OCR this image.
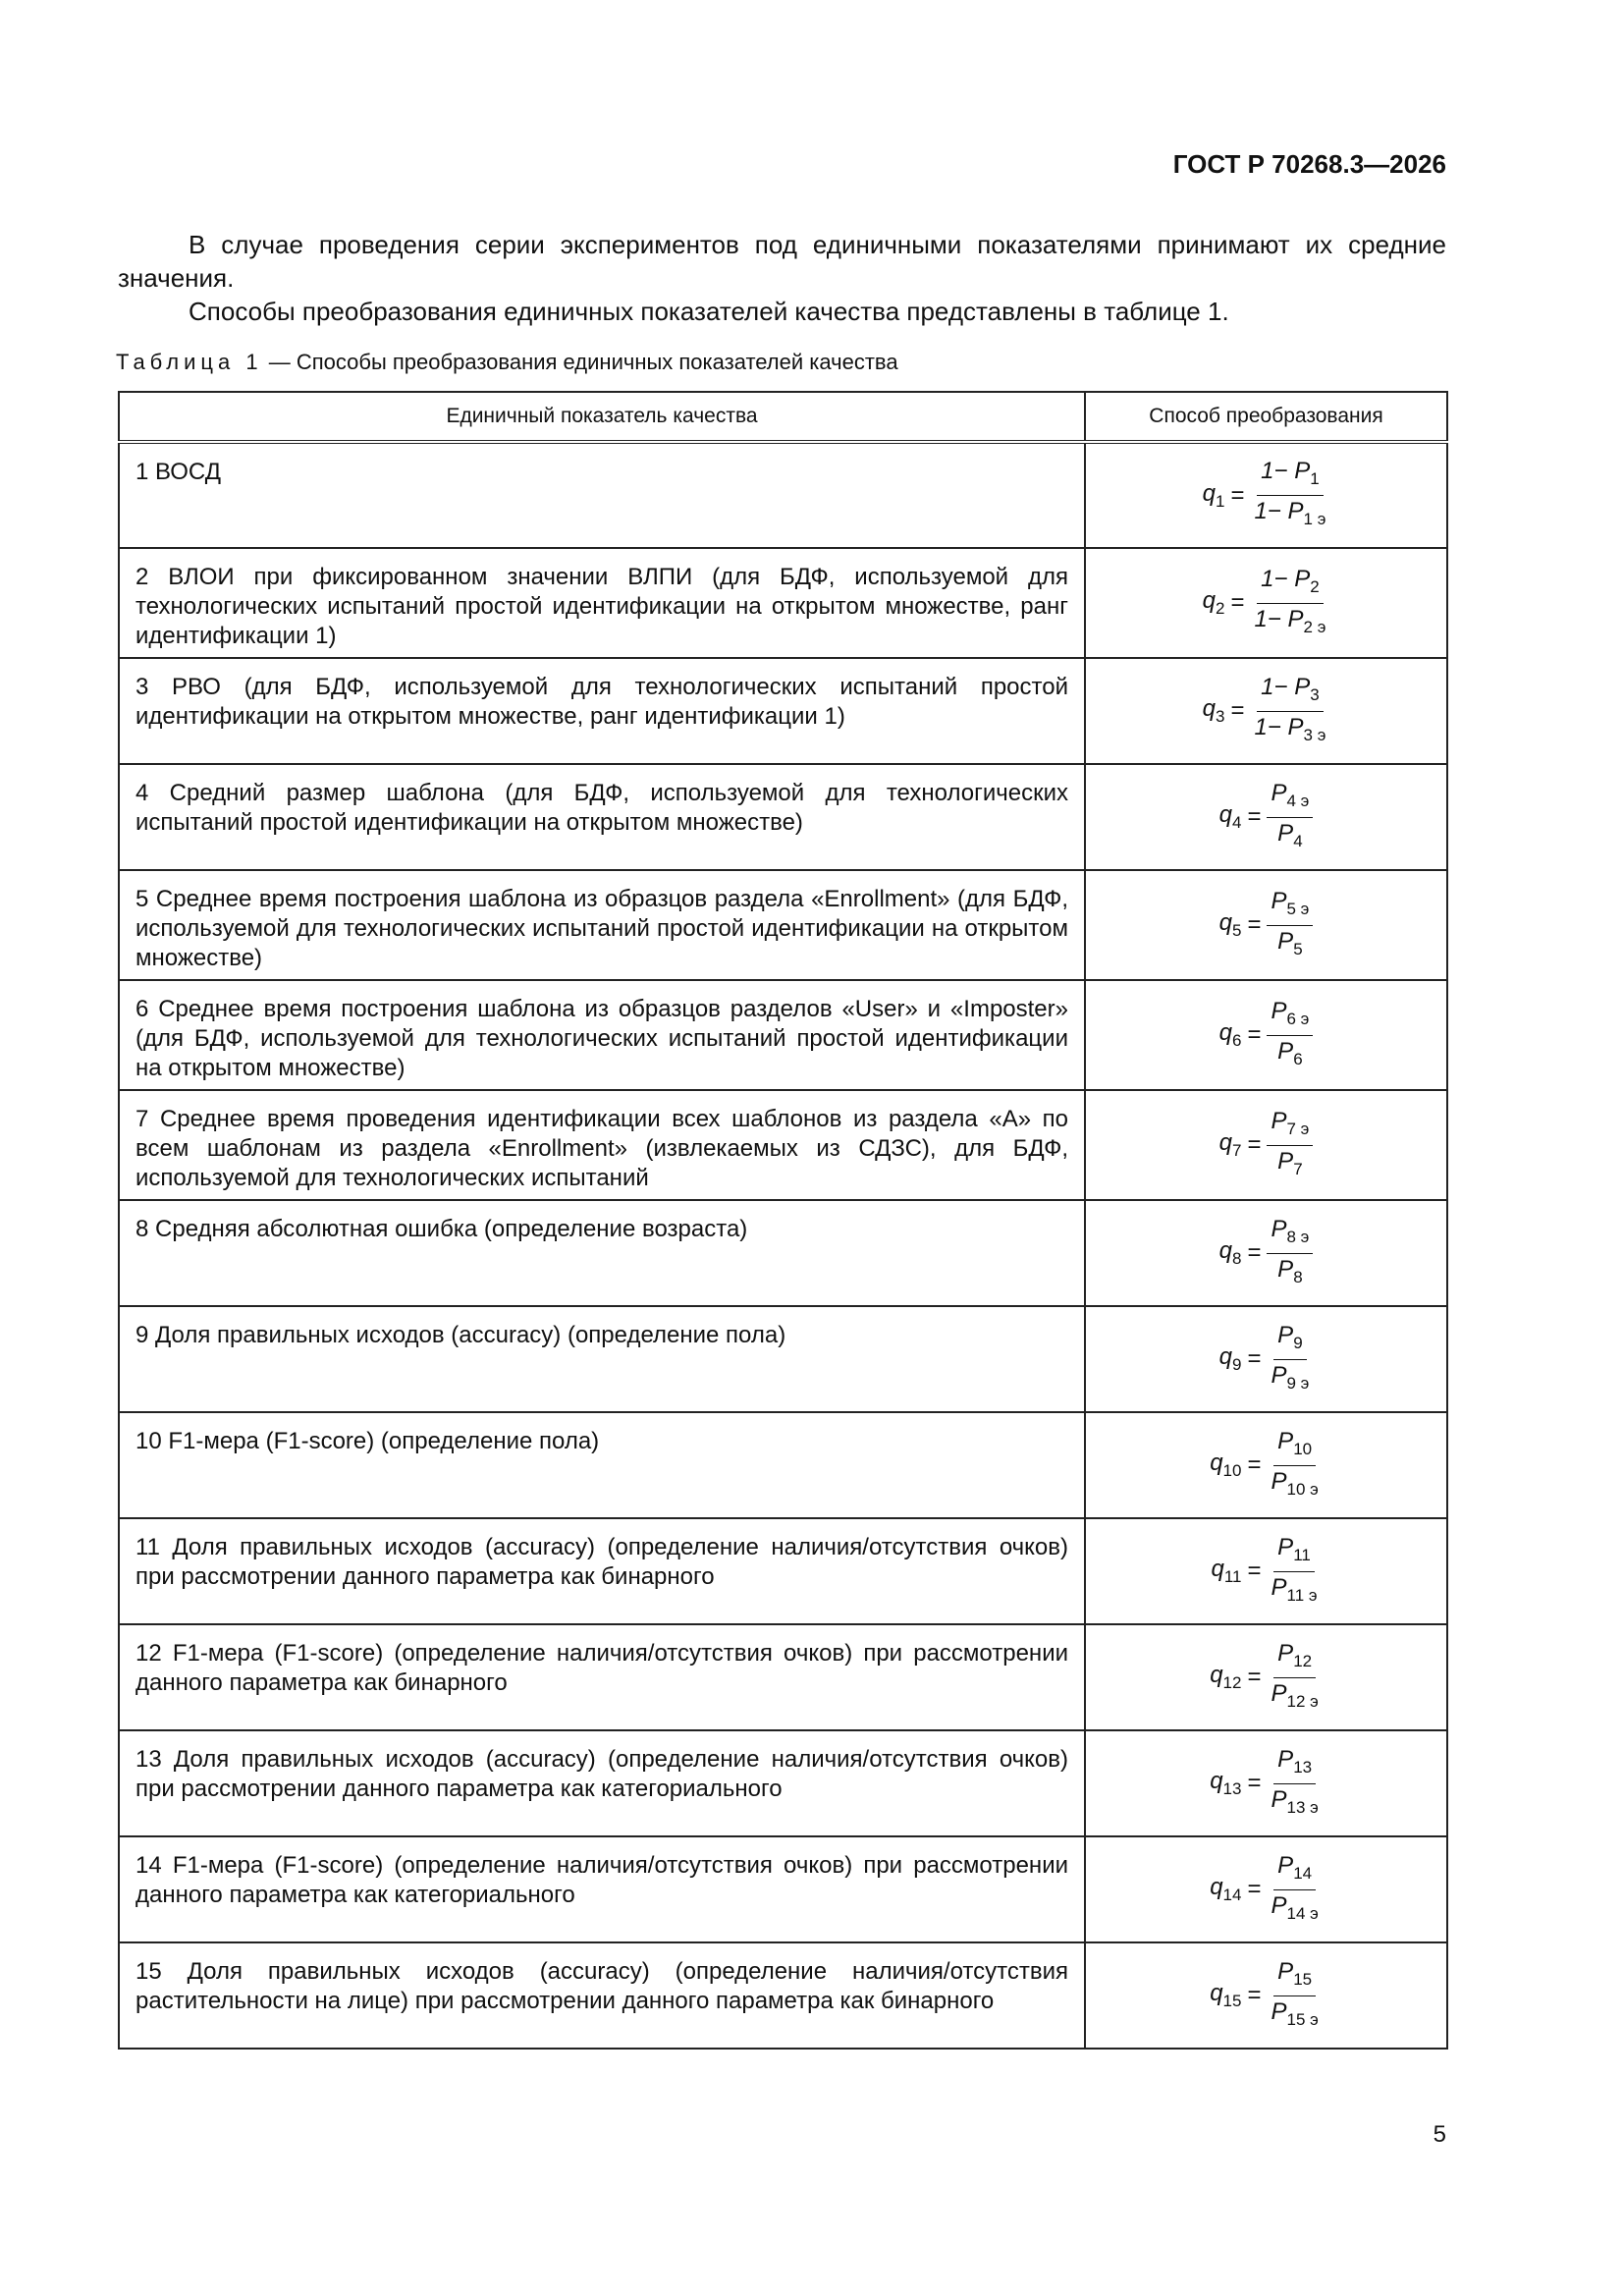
ГОСТ Р 70268.3—2026
В случае проведения серии экспериментов под единичными показателями принимают их средние значения.
Способы преобразования единичных показателей качества представлены в таблице 1.
Таблица 1 — Способы преобразования единичных показателей качества
Единичный показатель качества	Способ преобразования
1 ВОСД	$q_1 = \frac{1- P_1}{1- P_{1 э}}$

2 ВЛОИ при фиксированном значении ВЛПИ (для БДФ, используемой для технологических испытаний простой идентификации на открытом множестве, ранг идентификации 1)	$q_2 = \frac{1- P_2}{1- P_{2 э}}$

3 РВО (для БДФ, используемой для технологических испытаний простой идентификации на открытом множестве, ранг идентификации 1)	$q_3 = \frac{1- P_3}{1- P_{3 э}}$

4 Средний размер шаблона (для БДФ, используемой для технологических испытаний простой идентификации на открытом множестве)	$q_4 = \frac{P_{4 э}}{P_4}$

5 Среднее время построения шаблона из образцов раздела «Enrollment» (для БДФ, используемой для технологических испытаний простой идентификации на открытом множестве)	$q_5 = \frac{P_{5 э}}{P_5}$

6 Среднее время построения шаблона из образцов разделов «User» и «Imposter» (для БДФ, используемой для технологических испытаний простой идентификации на открытом множестве)	$q_6 = \frac{P_{6 э}}{P_6}$

7 Среднее время проведения идентификации всех шаблонов из раздела «А» по всем шаблонам из раздела «Enrollment» (извлекаемых из СДЗС), для БДФ, используемой для технологических испытаний	$q_7 = \frac{P_{7 э}}{P_7}$

8 Средняя абсолютная ошибка (определение возраста)	$q_8 = \frac{P_{8 э}}{P_8}$

9 Доля правильных исходов (accuracy) (определение пола)	$q_9 = \frac{P_9}{P_{9 э}}$

10 F1-мера (F1-score) (определение пола)	$q_{10} = \frac{P_{10}}{P_{10 э}}$

11 Доля правильных исходов (accuracy) (определение наличия/отсутствия очков) при рассмотрении данного параметра как бинарного	$q_{11} = \frac{P_{11}}{P_{11 э}}$

12 F1-мера (F1-score) (определение наличия/отсутствия очков) при рассмотрении данного параметра как бинарного	$q_{12} = \frac{P_{12}}{P_{12 э}}$

13 Доля правильных исходов (accuracy) (определение наличия/отсутствия очков) при рассмотрении данного параметра как категориального	$q_{13} = \frac{P_{13}}{P_{13 э}}$

14 F1-мера (F1-score) (определение наличия/отсутствия очков) при рассмотрении данного параметра как категориального	$q_{14} = \frac{P_{14}}{P_{14 э}}$

15 Доля правильных исходов (accuracy) (определение наличия/отсутствия растительности на лице) при рассмотрении данного параметра как бинарного	$q_{15} = \frac{P_{15}}{P_{15 э}}$
5
